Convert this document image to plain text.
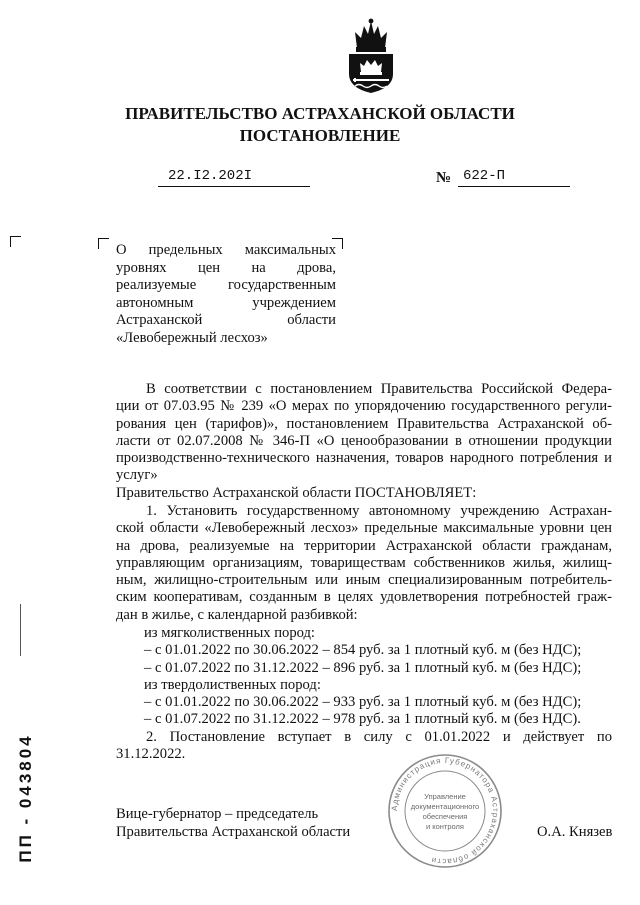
ПРАВИТЕЛЬСТВО АСТРАХАНСКОЙ ОБЛАСТИ
ПОСТАНОВЛЕНИЕ
22.I2.202I	№ 622-П
О предельных максимальных уровнях цен на дрова, реализуемые государственным автономным учреждением Астраханской области «Левобережный лесхоз»
В соответствии с постановлением Правительства Российской Федера-
ции от 07.03.95 № 239 «О мерах по упорядочению государственного регули-
рования цен (тарифов)», постановлением Правительства Астраханской об-
ласти от 02.07.2008 № 346-П «О ценообразовании в отношении продукции
производственно-технического назначения, товаров народного потребления и
услуг»
Правительство Астраханской области ПОСТАНОВЛЯЕТ:
1. Установить государственному автономному учреждению Астрахан-
ской области «Левобережный лесхоз» предельные максимальные уровни цен
на дрова, реализуемые на территории Астраханской области гражданам,
управляющим организациям, товариществам собственников жилья, жилищ-
ным, жилищно-строительным или иным специализированным потребитель-
ским кооперативам, созданным в целях удовлетворения потребностей граж-
дан в жилье, с календарной разбивкой:
из мягколиственных пород:
– с 01.01.2022 по 30.06.2022 – 854 руб. за 1 плотный куб. м (без НДС);
– с 01.07.2022 по 31.12.2022 – 896 руб. за 1 плотный куб. м (без НДС);
из твердолиственных пород:
– с 01.01.2022 по 30.06.2022 – 933 руб. за 1 плотный куб. м (без НДС);
– с 01.07.2022 по 31.12.2022 – 978 руб. за 1 плотный куб. м (без НДС).
2. Постановление вступает в силу с 01.01.2022 и действует по
31.12.2022.
Вице-губернатор – председатель
Правительства Астраханской области	О.А. Князев
Администрация Губернатора Астраханской области
Управление
документационного
обеспечения
и контроля
ПП - 043804
